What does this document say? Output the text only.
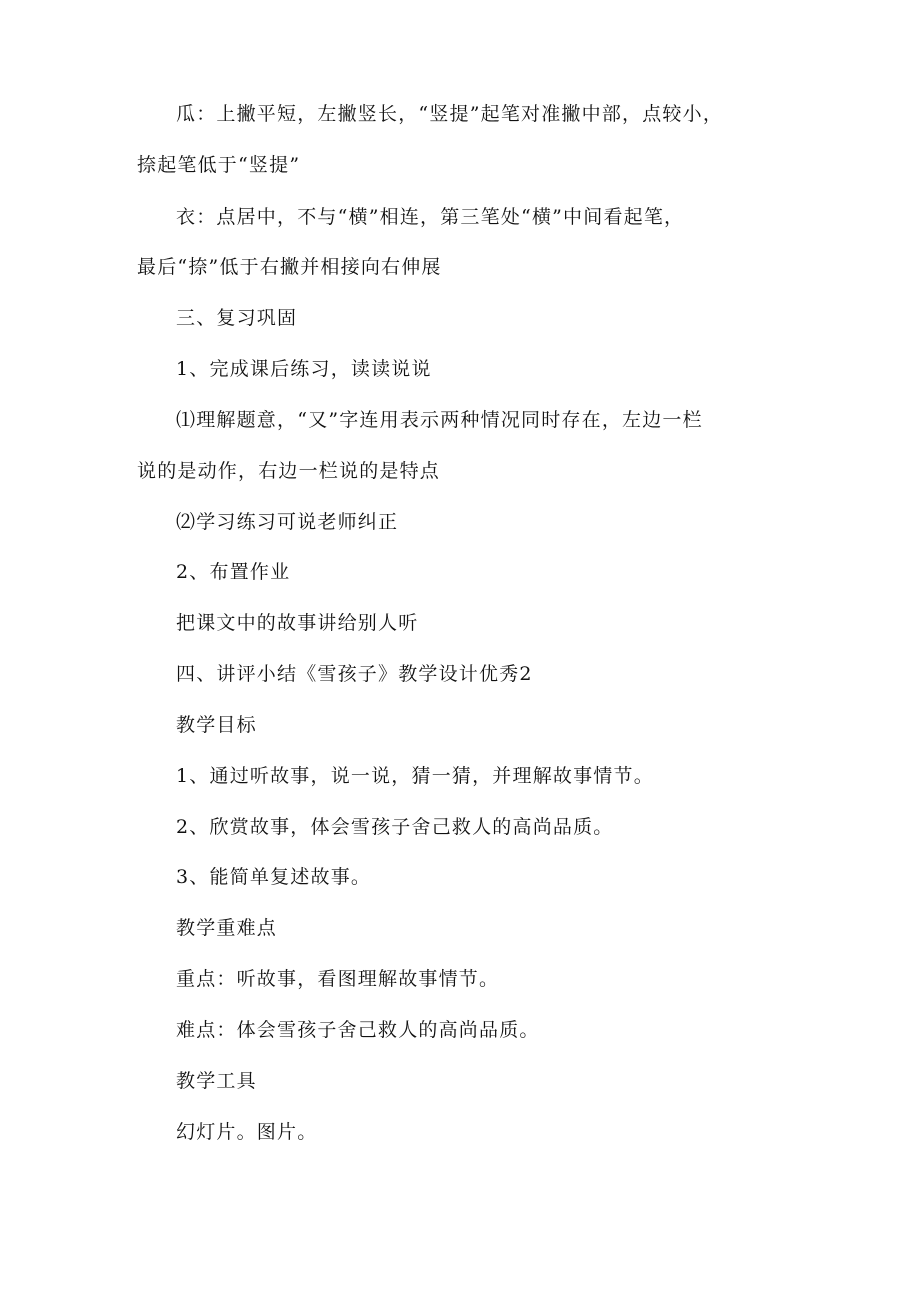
瓜：上撇平短，左撇竖长，“竖提”起笔对准撇中部，点较小，
捺起笔低于“竖提”
衣：点居中，不与“横”相连，第三笔处“横”中间看起笔，
最后“捺”低于右撇并相接向右伸展
三、复习巩固
1、完成课后练习，读读说说
⑴理解题意，“又”字连用表示两种情况同时存在，左边一栏
说的是动作，右边一栏说的是特点
⑵学习练习可说老师纠正
2、布置作业
把课文中的故事讲给别人听
四、讲评小结《雪孩子》教学设计优秀2
教学目标
1、通过听故事，说一说，猜一猜，并理解故事情节。
2、欣赏故事，体会雪孩子舍己救人的高尚品质。
3、能简单复述故事。
教学重难点
重点：听故事，看图理解故事情节。
难点：体会雪孩子舍己救人的高尚品质。
教学工具
幻灯片。图片。
